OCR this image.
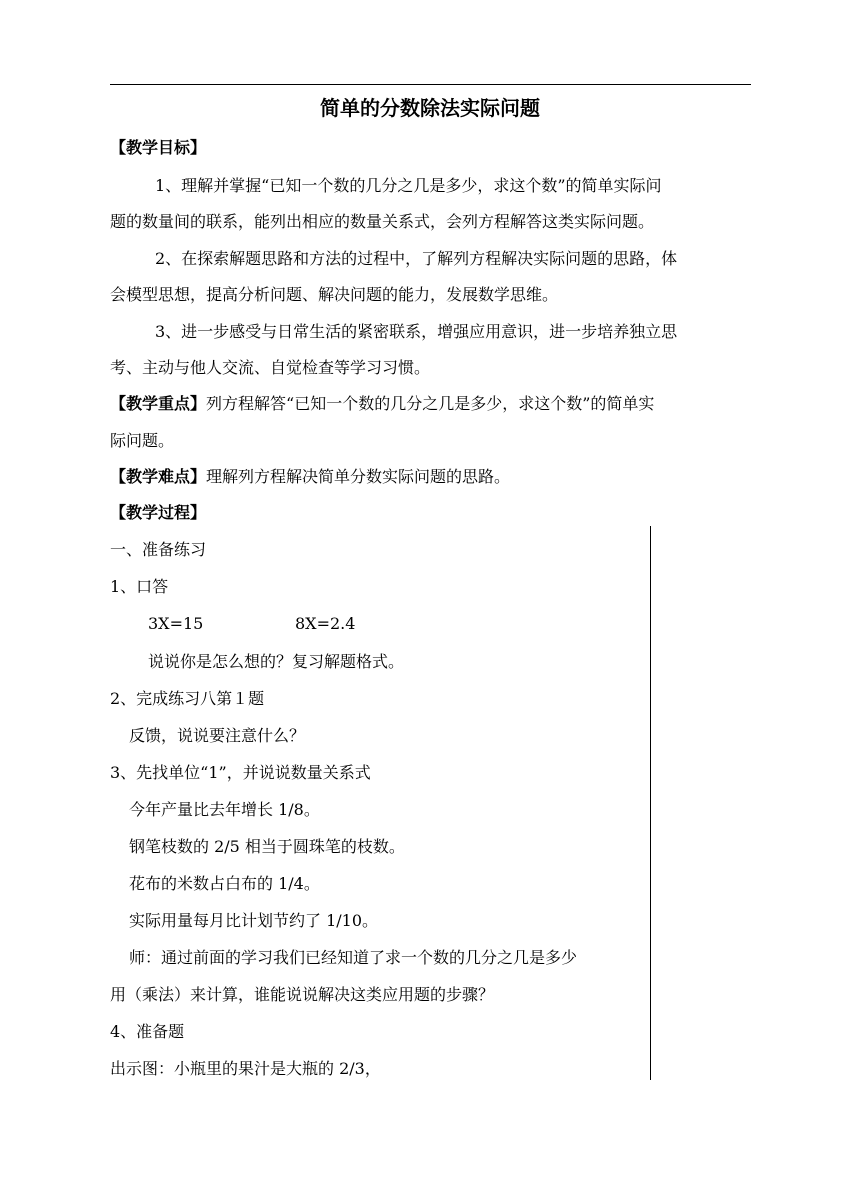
简单的分数除法实际问题
【教学目标】
1、理解并掌握“已知一个数的几分之几是多少，求这个数”的简单实际问
题的数量间的联系，能列出相应的数量关系式，会列方程解答这类实际问题。
2、在探索解题思路和方法的过程中，了解列方程解决实际问题的思路，体
会模型思想，提高分析问题、解决问题的能力，发展数学思维。
3、进一步感受与日常生活的紧密联系，增强应用意识，进一步培养独立思
考、主动与他人交流、自觉检查等学习习惯。
【教学重点】列方程解答“已知一个数的几分之几是多少，求这个数”的简单实
际问题。
【教学难点】理解列方程解决简单分数实际问题的思路。
【教学过程】
一、准备练习
1、口答
3X=15	8X=2.4
说说你是怎么想的？复习解题格式。
2、完成练习八第１题
反馈，说说要注意什么？
3、先找单位“1”，并说说数量关系式
今年产量比去年增长 1/8。
钢笔枝数的 2/5 相当于圆珠笔的枝数。
花布的米数占白布的 1/4。
实际用量每月比计划节约了 1/10。
师：通过前面的学习我们已经知道了求一个数的几分之几是多少
用（乘法）来计算，谁能说说解决这类应用题的步骤？
4、准备题
出示图：小瓶里的果汁是大瓶的 2/3，
